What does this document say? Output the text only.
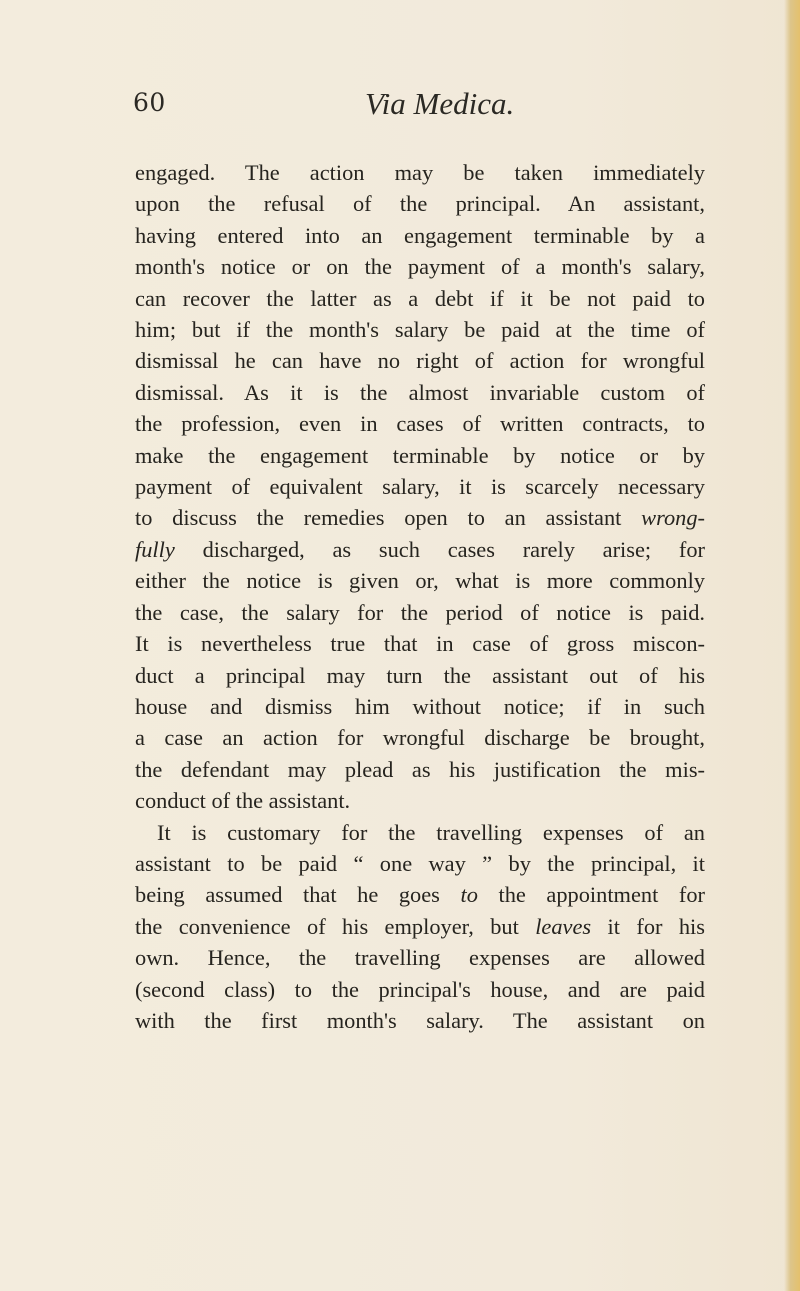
60	Via Medica.
engaged. The action may be taken immediately
upon the refusal of the principal. An assistant,
having entered into an engagement terminable by a
month's notice or on the payment of a month's salary,
can recover the latter as a debt if it be not paid to
him; but if the month's salary be paid at the time of
dismissal he can have no right of action for wrongful
dismissal. As it is the almost invariable custom of
the profession, even in cases of written contracts, to
make the engagement terminable by notice or by
payment of equivalent salary, it is scarcely necessary
to discuss the remedies open to an assistant wrong-
fully discharged, as such cases rarely arise; for
either the notice is given or, what is more commonly
the case, the salary for the period of notice is paid.
It is nevertheless true that in case of gross miscon-
duct a principal may turn the assistant out of his
house and dismiss him without notice; if in such
a case an action for wrongful discharge be brought,
the defendant may plead as his justification the mis-
conduct of the assistant.
It is customary for the travelling expenses of an
assistant to be paid “ one way ” by the principal, it
being assumed that he goes to the appointment for
the convenience of his employer, but leaves it for his
own. Hence, the travelling expenses are allowed
(second class) to the principal's house, and are paid
with the first month's salary. The assistant on
